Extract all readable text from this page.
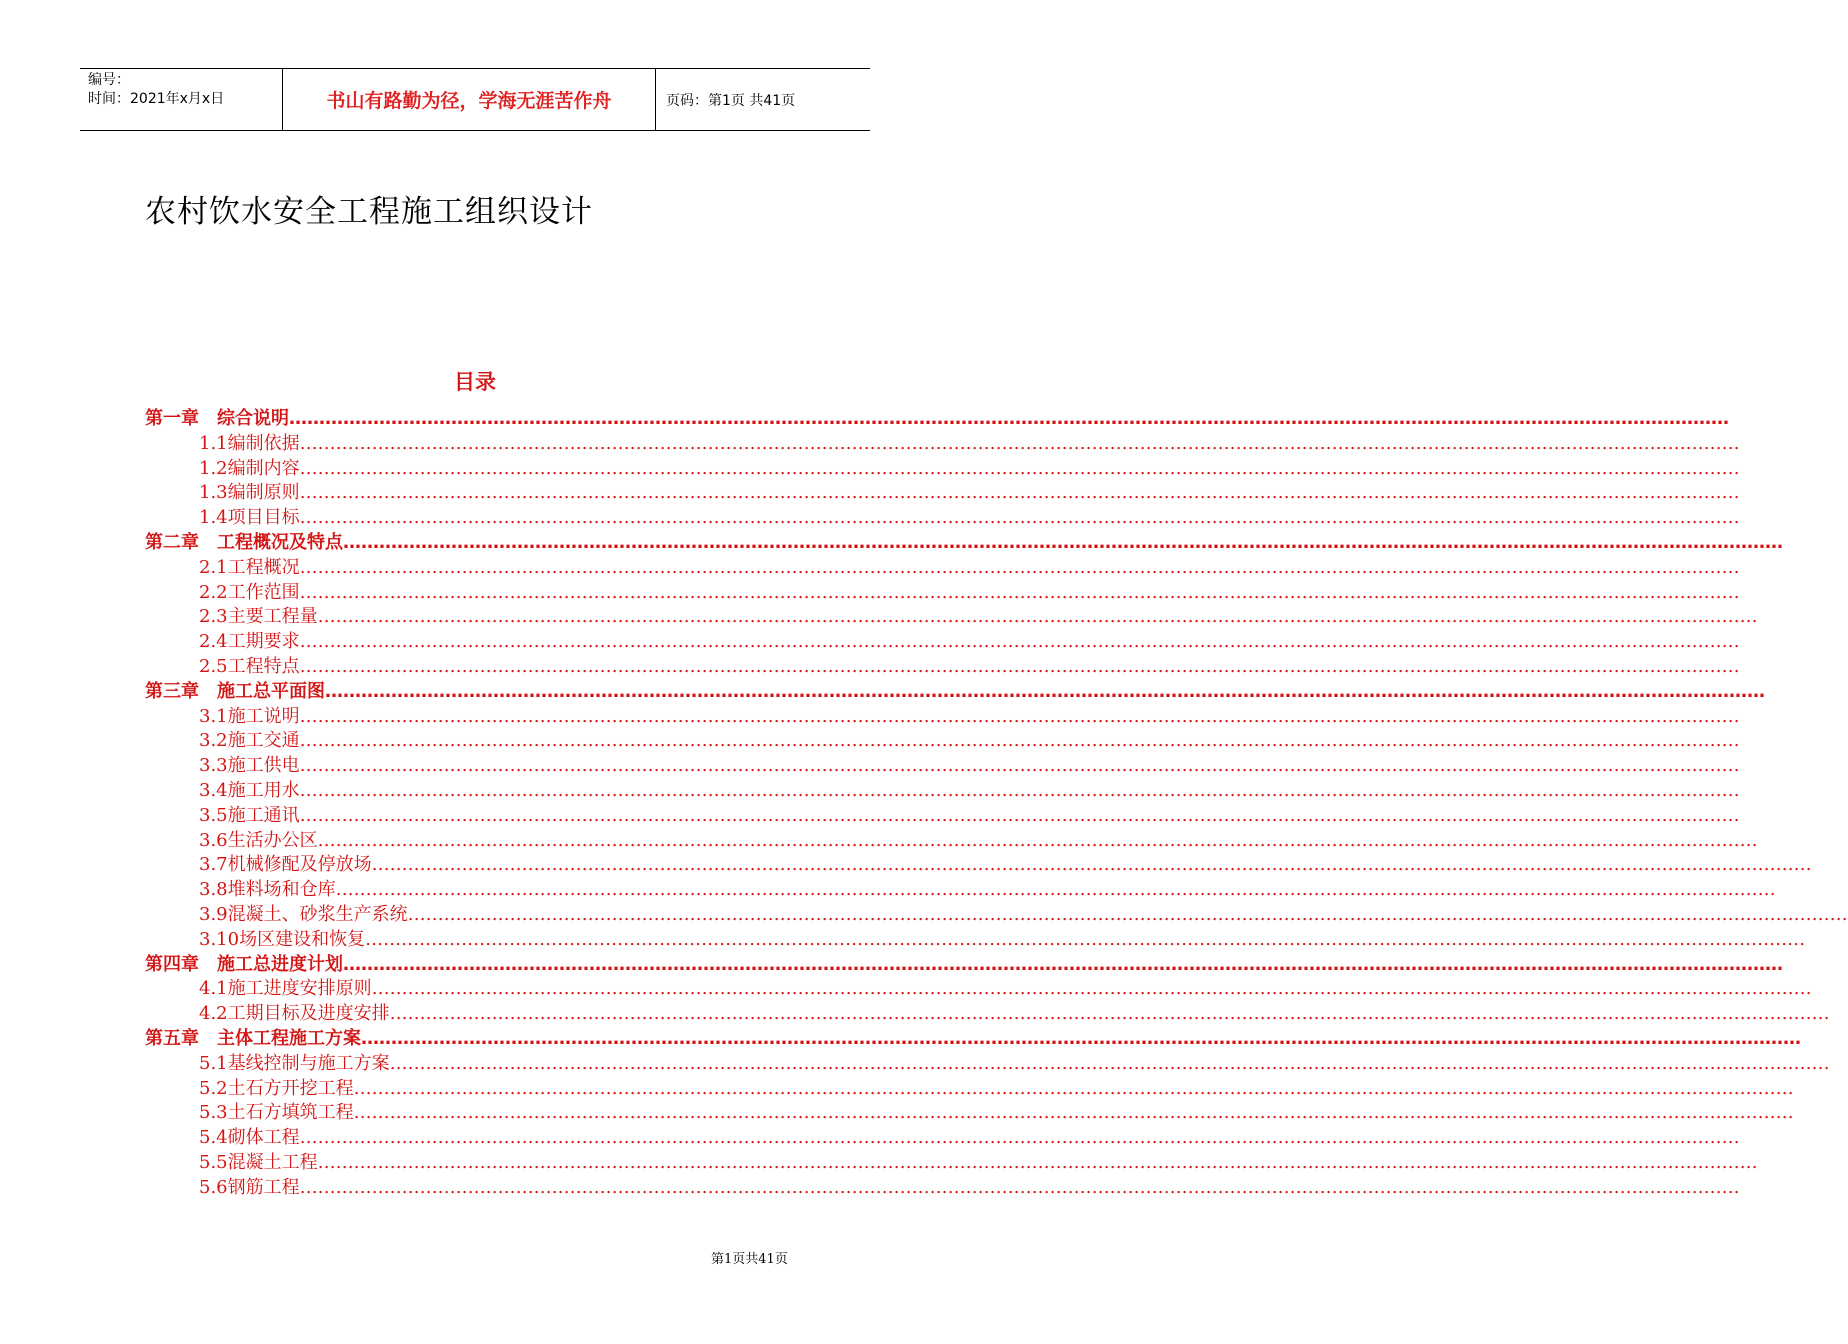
编号：
时间：2021年x月x日	书山有路勤为径，学海无涯苦作舟	页码：第1页 共41页
农村饮水安全工程施工组织设计
目录
第一章　综合说明……………………………………………………………………………………………………………………………………………………………………………………………………………………
1.1编制依据……………………………………………………………………………………………………………………………………………………………………………………………………………………
1.2编制内容……………………………………………………………………………………………………………………………………………………………………………………………………………………
1.3编制原则……………………………………………………………………………………………………………………………………………………………………………………………………………………
1.4项目目标……………………………………………………………………………………………………………………………………………………………………………………………………………………
第二章　工程概况及特点……………………………………………………………………………………………………………………………………………………………………………………………………………………
2.1工程概况……………………………………………………………………………………………………………………………………………………………………………………………………………………
2.2工作范围……………………………………………………………………………………………………………………………………………………………………………………………………………………
2.3主要工程量……………………………………………………………………………………………………………………………………………………………………………………………………………………
2.4工期要求……………………………………………………………………………………………………………………………………………………………………………………………………………………
2.5工程特点……………………………………………………………………………………………………………………………………………………………………………………………………………………
第三章　施工总平面图……………………………………………………………………………………………………………………………………………………………………………………………………………………
3.1施工说明……………………………………………………………………………………………………………………………………………………………………………………………………………………
3.2施工交通……………………………………………………………………………………………………………………………………………………………………………………………………………………
3.3施工供电……………………………………………………………………………………………………………………………………………………………………………………………………………………
3.4施工用水……………………………………………………………………………………………………………………………………………………………………………………………………………………
3.5施工通讯……………………………………………………………………………………………………………………………………………………………………………………………………………………
3.6生活办公区……………………………………………………………………………………………………………………………………………………………………………………………………………………
3.7机械修配及停放场……………………………………………………………………………………………………………………………………………………………………………………………………………………
3.8堆料场和仓库……………………………………………………………………………………………………………………………………………………………………………………………………………………
3.9混凝土、砂浆生产系统……………………………………………………………………………………………………………………………………………………………………………………………………………………
3.10场区建设和恢复……………………………………………………………………………………………………………………………………………………………………………………………………………………
第四章　施工总进度计划……………………………………………………………………………………………………………………………………………………………………………………………………………………
4.1施工进度安排原则……………………………………………………………………………………………………………………………………………………………………………………………………………………
4.2工期目标及进度安排……………………………………………………………………………………………………………………………………………………………………………………………………………………
第五章　主体工程施工方案……………………………………………………………………………………………………………………………………………………………………………………………………………………
5.1基线控制与施工方案……………………………………………………………………………………………………………………………………………………………………………………………………………………
5.2土石方开挖工程……………………………………………………………………………………………………………………………………………………………………………………………………………………
5.3土石方填筑工程……………………………………………………………………………………………………………………………………………………………………………………………………………………
5.4砌体工程……………………………………………………………………………………………………………………………………………………………………………………………………………………
5.5混凝土工程……………………………………………………………………………………………………………………………………………………………………………………………………………………
5.6钢筋工程……………………………………………………………………………………………………………………………………………………………………………………………………………………
第1页共41页
